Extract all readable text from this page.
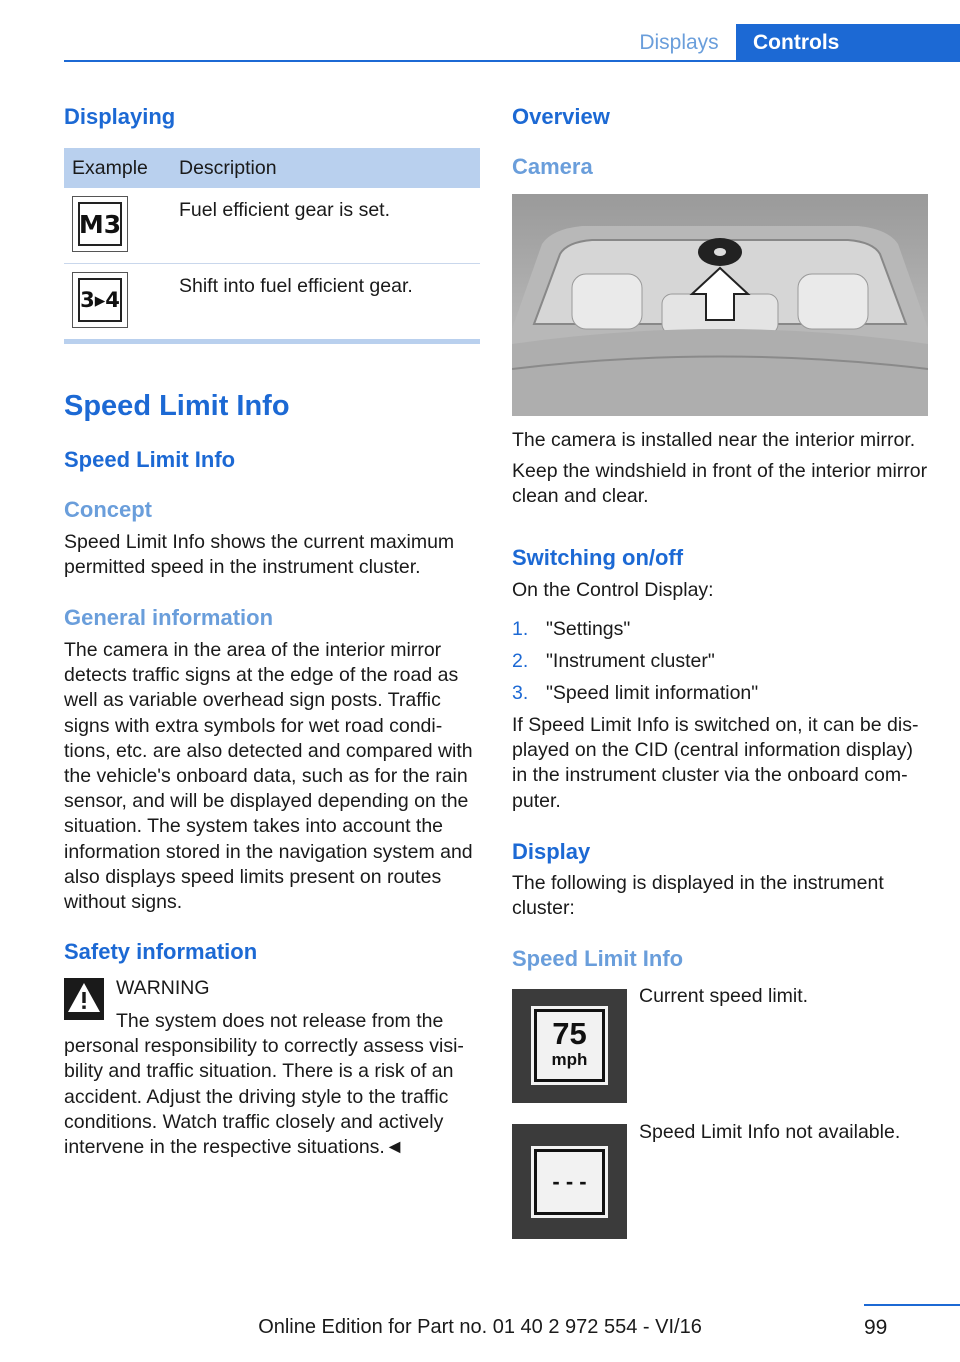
Displays	Controls
Displaying
Example Description
M3	Fuel efficient gear is set.
3▸4
Shift into fuel efficient gear.
Speed Limit Info
Speed Limit Info
Concept
Speed Limit Info shows the current maximum permitted speed in the instrument cluster.
General information
The camera in the area of the interior mirror detects traffic signs at the edge of the road as well as variable overhead sign posts. Traffic signs with extra symbols for wet road conditions, etc. are also detected and compared with the vehicle's onboard data, such as for the rain sensor, and will be displayed depending on the situation. The system takes into account the information stored in the navigation system and also displays speed limits present on routes without signs.
Safety information
WARNING
The system does not release from the personal responsibility to correctly assess visibility and traffic situation. There is a risk of an accident. Adjust the driving style to the traffic conditions. Watch traffic closely and actively intervene in the respective situations.◄
Overview
Camera
The camera is installed near the interior mirror.
Keep the windshield in front of the interior mirror clean and clear.
Switching on/off
On the Control Display:
1. "Settings"
2. "Instrument cluster"
3. "Speed limit information"
If Speed Limit Info is switched on, it can be displayed on the CID (central information display) in the instrument cluster via the onboard computer.
Display
The following is displayed in the instrument cluster:
Speed Limit Info
75
mph
Current speed limit.
- - -
Speed Limit Info not available.
99
Online Edition for Part no. 01 40 2 972 554 - VI/16
